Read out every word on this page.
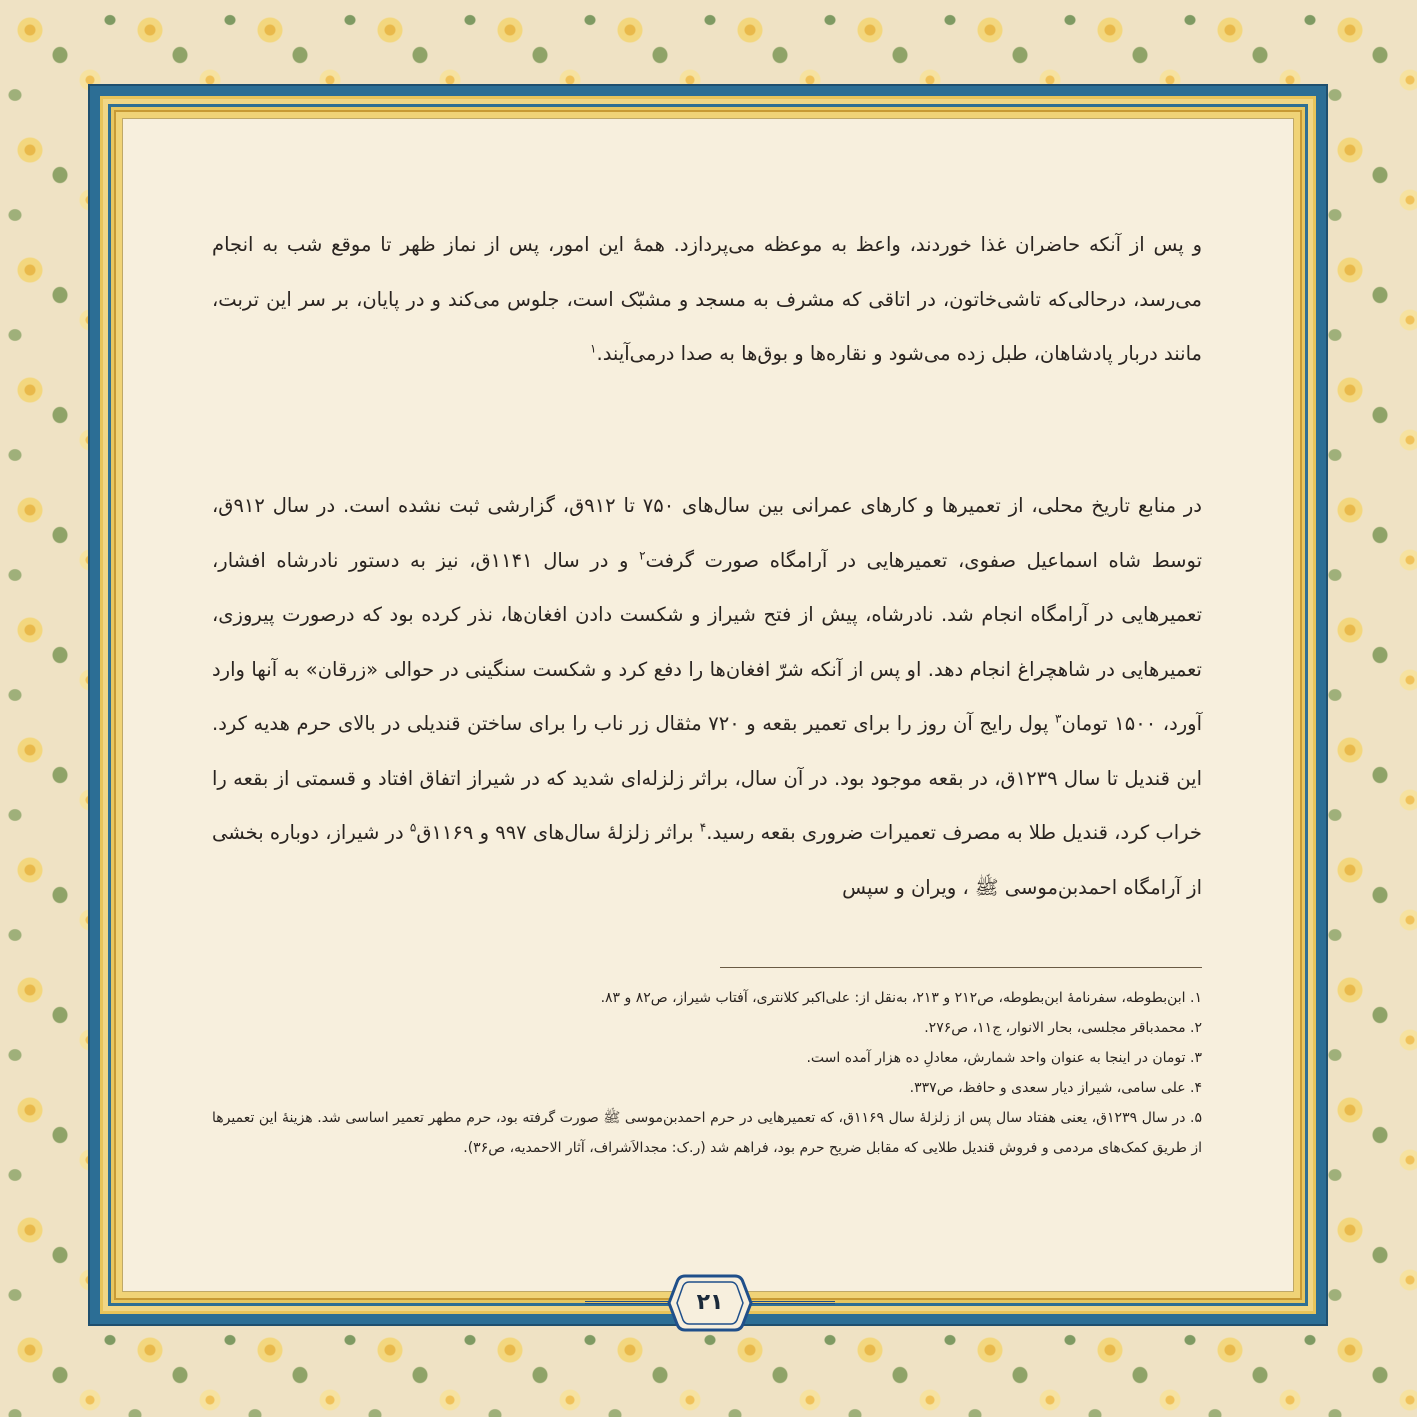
و پس از آنکه حاضران غذا خوردند، واعظ به موعظه می‌پردازد. همهٔ این امور، پس از نماز ظهر تا موقع شب به انجام می‌رسد، درحالی‌که تاشی‌خاتون، در اتاقی که مشرف به مسجد و مشبّک است، جلوس می‌کند و در پایان، بر سر این تربت، مانند دربار پادشاهان، طبل زده می‌شود و نقاره‌ها و بوق‌ها به صدا درمی‌آیند.$^۱$

در منابع تاریخ محلی، از تعمیرها و کارهای عمرانی بین سال‌های ۷۵۰ تا ۹۱۲ق، گزارشی ثبت نشده است. در سال ۹۱۲ق، توسط شاه اسماعیل صفوی، تعمیرهایی در آرامگاه صورت گرفت$^۲$ و در سال ۱۱۴۱ق، نیز به دستور نادرشاه افشار، تعمیرهایی در آرامگاه انجام شد. نادرشاه، پیش از فتح شیراز و شکست دادن افغان‌ها، نذر کرده بود که درصورت پیروزی، تعمیرهایی در شاهچراغ انجام دهد. او پس از آنکه شرّ افغان‌ها را دفع کرد و شکست سنگینی در حوالی «زرقان» به آنها وارد آورد، ۱۵۰۰ تومان$^۳$ پول رایج آن روز را برای تعمیر بقعه و ۷۲۰ مثقال زر ناب را برای ساختن قندیلی در بالای حرم هدیه کرد. این قندیل تا سال ۱۲۳۹ق، در بقعه موجود بود. در آن سال، براثر زلزله‌ای شدید که در شیراز اتفاق افتاد و قسمتی از بقعه را خراب کرد، قندیل طلا به مصرف تعمیرات ضروری بقعه رسید.$^۴$ براثر زلزلهٔ سال‌های ۹۹۷ و ۱۱۶۹ق$^۵$ در شیراز، دوباره بخشی از آرامگاه احمدبن‌موسی ﷺ ، ویران و سپس

۱. ابن‌بطوطه، سفرنامهٔ ابن‌بطوطه، ص۲۱۲ و ۲۱۳، به‌نقل از: علی‌اکبر کلانتری، آفتاب شیراز، ص۸۲ و ۸۳.

۲. محمدباقر مجلسی، بحار الانوار، ج۱۱، ص۲۷۶.

۳. تومان در اینجا به عنوان واحد شمارش، معادلِ ده هزار آمده است.

۴. علی سامی، شیراز دیار سعدی و حافظ، ص۳۳۷.

۵. در سال ۱۲۳۹ق، یعنی هفتاد سال پس از زلزلهٔ سال ۱۱۶۹ق، که تعمیرهایی در حرم احمدبن‌موسی ﷺ صورت گرفته بود، حرم مطهر تعمیر اساسی شد. هزینهٔ این تعمیرها از طریق کمک‌های مردمی و فروش قندیل طلایی که مقابل ضریح حرم بود، فراهم شد (ر.ک: مجدالاَشراف، آثار الاحمدیه، ص۳۶).

۲۱
